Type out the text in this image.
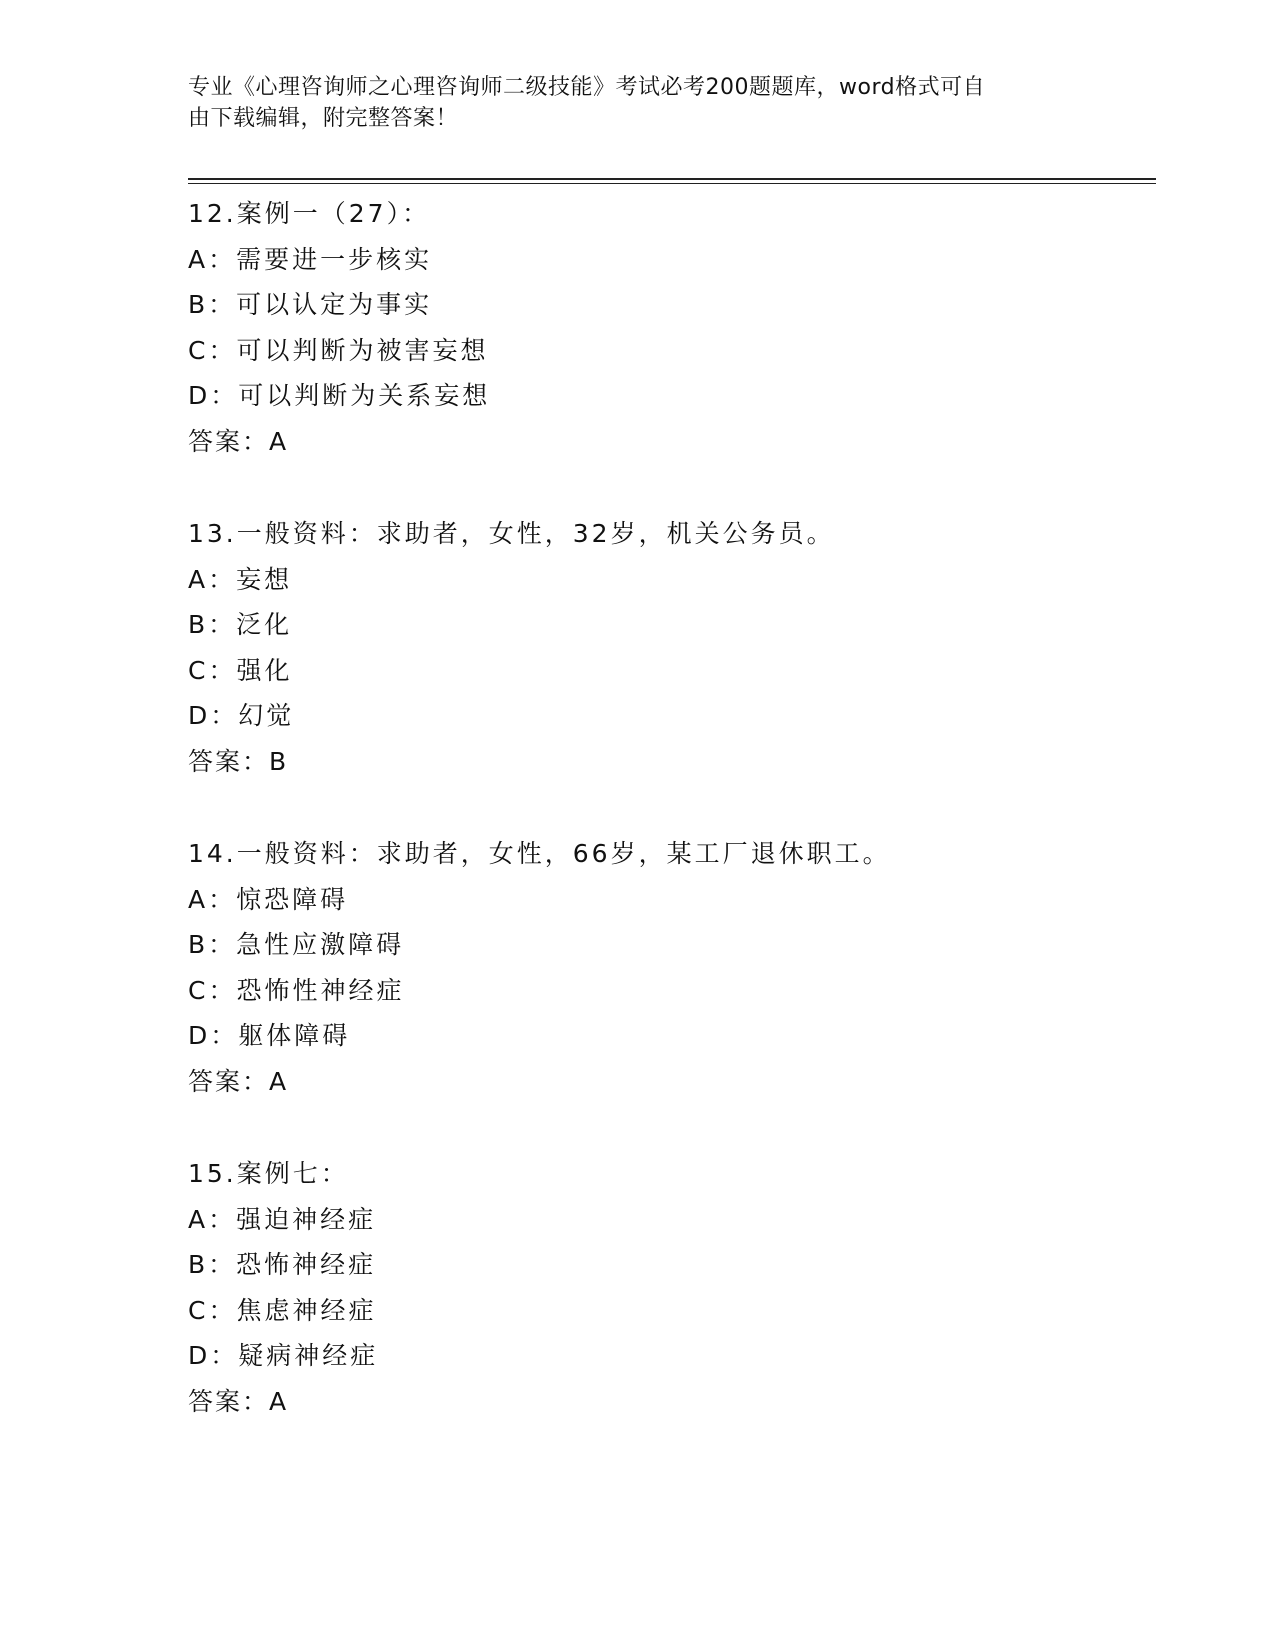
专业《心理咨询师之心理咨询师二级技能》考试必考200题题库，word格式可自
由下载编辑，附完整答案！
12.案例一（27）：
A：需要进一步核实
B：可以认定为事实
C：可以判断为被害妄想
D：可以判断为关系妄想
答案：A
13.一般资料：求助者，女性，32岁，机关公务员。
A：妄想
B：泛化
C：强化
D：幻觉
答案：B
14.一般资料：求助者，女性，66岁，某工厂退休职工。
A：惊恐障碍
B：急性应激障碍
C：恐怖性神经症
D：躯体障碍
答案：A
15.案例七：
A：强迫神经症
B：恐怖神经症
C：焦虑神经症
D：疑病神经症
答案：A
